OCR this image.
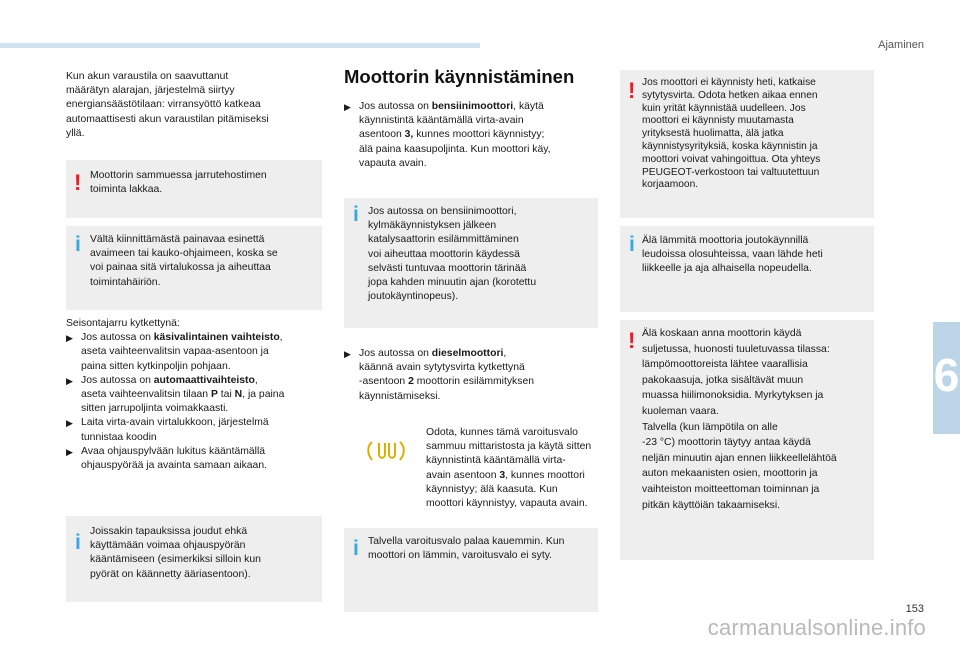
Ajaminen
6
Kun akun varaustila on saavuttanut
määrätyn alarajan, järjestelmä siirtyy
energiansäästötilaan: virransyöttö katkeaa
automaattisesti akun varaustilan pitämiseksi
yllä.
! Moottorin sammuessa jarrutehostimen
toiminta lakkaa.
i Vältä kiinnittämästä painavaa esinettä
avaimeen tai kauko-ohjaimeen, koska se
voi painaa sitä virtalukossa ja aiheuttaa
toimintahäiriön.
Seisontajarru kytkettynä:
▶ Jos autossa on käsivalintainen vaihteisto,
aseta vaihteenvalitsin vapaa-asentoon ja
paina sitten kytkinpoljin pohjaan.
▶ Jos autossa on automaattivaihteisto,
aseta vaihteenvalitsin tilaan P tai N, ja paina
sitten jarrupoljinta voimakkaasti.
▶ Laita virta-avain virtalukkoon, järjestelmä
tunnistaa koodin
▶ Avaa ohjauspylvään lukitus kääntämällä
ohjauspyörää ja avainta samaan aikaan.
i Joissakin tapauksissa joudut ehkä
käyttämään voimaa ohjauspyörän
kääntämiseen (esimerkiksi silloin kun
pyörät on käännetty ääriasentoon).
Moottorin käynnistäminen
▶ Jos autossa on bensiinimoottori, käytä
käynnistintä kääntämällä virta-avain
asentoon 3, kunnes moottori käynnistyy;
älä paina kaasupoljinta. Kun moottori käy,
vapauta avain.
i Jos autossa on bensiinimoottori,
kylmäkäynnistyksen jälkeen
katalysaattorin esilämmittäminen
voi aiheuttaa moottorin käydessä
selvästi tuntuvaa moottorin tärinää
jopa kahden minuutin ajan (korotettu
joutokäyntinopeus).
▶ Jos autossa on dieselmoottori,
käännä avain sytytysvirta kytkettynä
-asentoon 2 moottorin esilämmityksen
käynnistämiseksi.
Odota, kunnes tämä varoitusvalo
sammuu mittaristosta ja käytä sitten
käynnistintä kääntämällä virta-
avain asentoon 3, kunnes moottori
käynnistyy; älä kaasuta. Kun
moottori käynnistyy, vapauta avain.
i Talvella varoitusvalo palaa kauemmin. Kun
moottori on lämmin, varoitusvalo ei syty.
! Jos moottori ei käynnisty heti, katkaise
sytytysvirta. Odota hetken aikaa ennen
kuin yrität käynnistää uudelleen. Jos
moottori ei käynnisty muutamasta
yrityksestä huolimatta, älä jatka
käynnistysyrityksiä, koska käynnistin ja
moottori voivat vahingoittua. Ota yhteys
PEUGEOT-verkostoon tai valtuutettuun
korjaamoon.
i Älä lämmitä moottoria joutokäynnillä
leudoissa olosuhteissa, vaan lähde heti
liikkeelle ja aja alhaisella nopeudella.
! Älä koskaan anna moottorin käydä
suljetussa, huonosti tuuletuvassa tilassa:
lämpömoottoreista lähtee vaarallisia
pakokaasuja, jotka sisältävät muun
muassa hiilimonoksidia. Myrkytyksen ja
kuoleman vaara.
Talvella (kun lämpötila on alle
-23 °C) moottorin täytyy antaa käydä
neljän minuutin ajan ennen liikkeellelähtöä
auton mekaanisten osien, moottorin ja
vaihteiston moitteettoman toiminnan ja
pitkän käyttöiän takaamiseksi.
153
carmanualsonline.info
